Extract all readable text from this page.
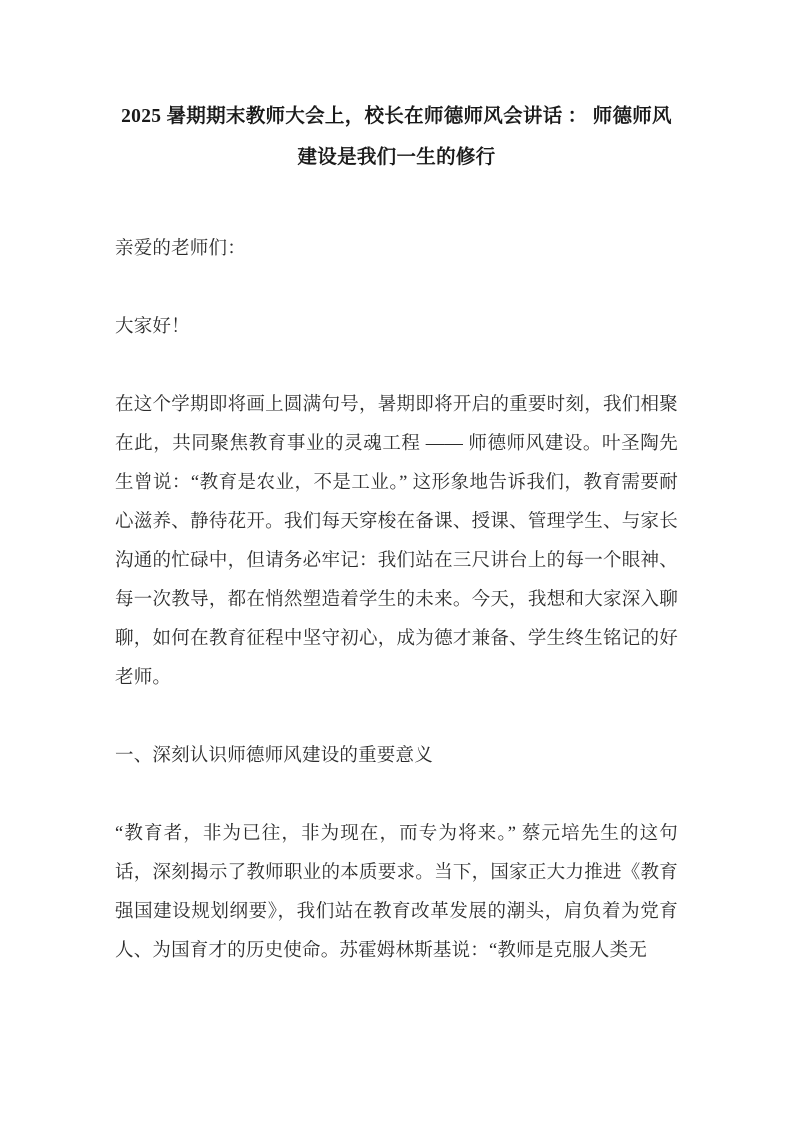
2025 暑期期末教师大会上，校长在师德师风会讲话 ： 师德师风建设是我们一生的修行

亲爱的老师们：

大家好！

在这个学期即将画上圆满句号，暑期即将开启的重要时刻，我们相聚在此，共同聚焦教育事业的灵魂工程 —— 师德师风建设。叶圣陶先生曾说：“教育是农业，不是工业。” 这形象地告诉我们，教育需要耐心滋养、静待花开。我们每天穿梭在备课、授课、管理学生、与家长沟通的忙碌中，但请务必牢记：我们站在三尺讲台上的每一个眼神、每一次教导，都在悄然塑造着学生的未来。今天，我想和大家深入聊聊，如何在教育征程中坚守初心，成为德才兼备、学生终生铭记的好老师。

一、深刻认识师德师风建设的重要意义

“教育者，非为已往，非为现在，而专为将来。” 蔡元培先生的这句话，深刻揭示了教师职业的本质要求。当下，国家正大力推进《教育强国建设规划纲要》，我们站在教育改革发展的潮头，肩负着为党育人、为国育才的历史使命。苏霍姆林斯基说：“教师是克服人类无
